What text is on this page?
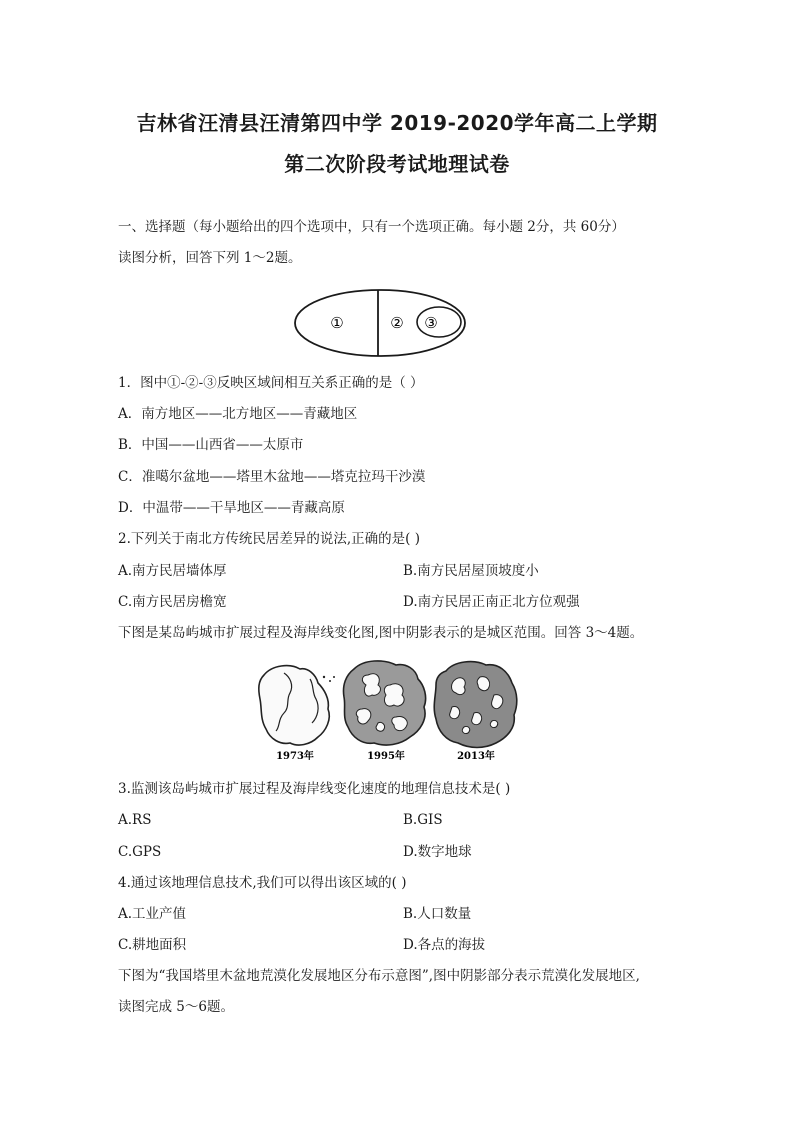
吉林省汪清县汪清第四中学 2019-2020学年高二上学期
第二次阶段考试地理试卷
一、选择题（每小题给出的四个选项中，只有一个选项正确。每小题 2分，共 60分）
读图分析，回答下列 1～2题。
①	② ③
1．图中①-②-③反映区域间相互关系正确的是（ ）
A．南方地区——北方地区——青藏地区
B．中国——山西省——太原市
C．准噶尔盆地——塔里木盆地——塔克拉玛干沙漠
D．中温带——干旱地区——青藏高原
2.下列关于南北方传统民居差异的说法,正确的是( )
A.南方民居墙体厚	B.南方民居屋顶坡度小
C.南方民居房檐宽	D.南方民居正南正北方位观强
下图是某岛屿城市扩展过程及海岸线变化图,图中阴影表示的是城区范围。回答 3～4题。
1973年	1995年	2013年
3.监测该岛屿城市扩展过程及海岸线变化速度的地理信息技术是( )
A.RS	B.GIS
C.GPS	D.数字地球
4.通过该地理信息技术,我们可以得出该区域的( )
A.工业产值	B.人口数量
C.耕地面积	D.各点的海拔
下图为“我国塔里木盆地荒漠化发展地区分布示意图”,图中阴影部分表示荒漠化发展地区,
读图完成 5～6题。
